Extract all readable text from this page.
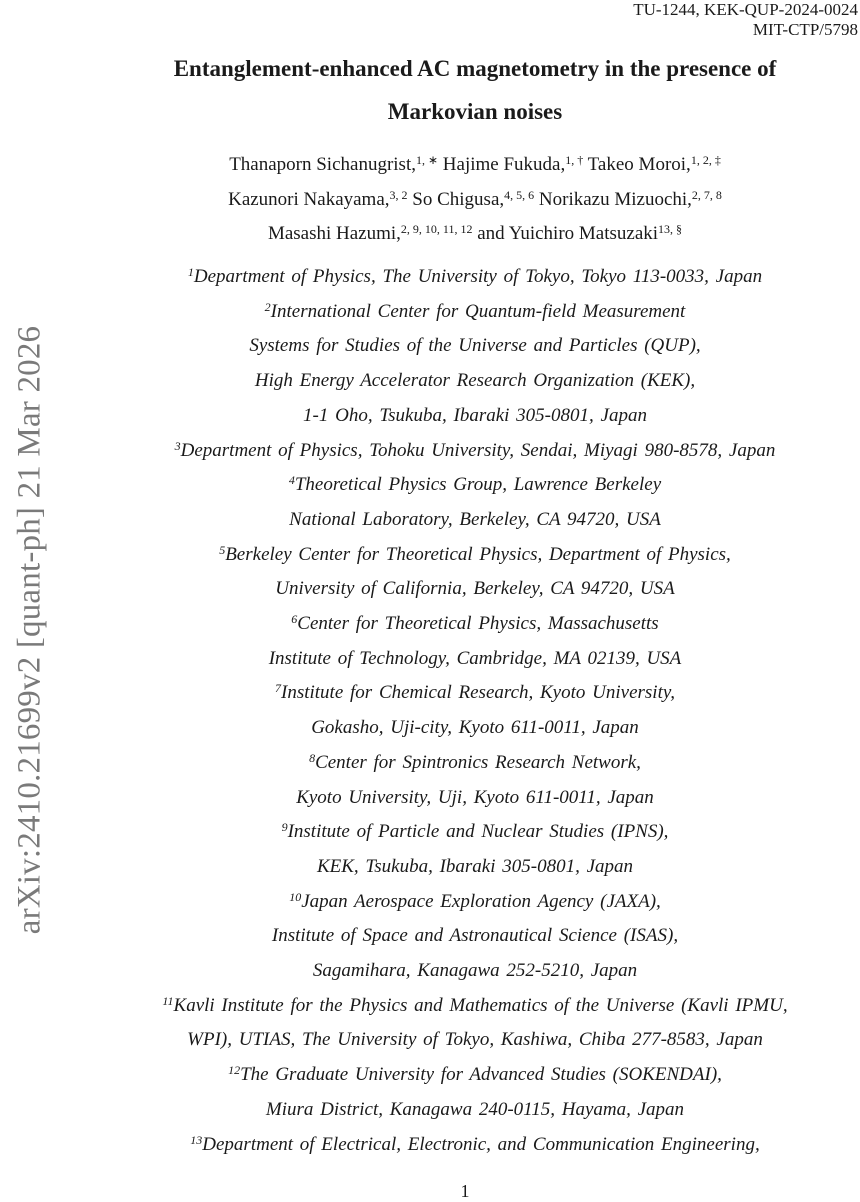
TU-1244, KEK-QUP-2024-0024
MIT-CTP/5798
arXiv:2410.21699v2 [quant-ph] 21 Mar 2026
Entanglement-enhanced AC magnetometry in the presence of
Markovian noises
Thanaporn Sichanugrist,$^{1, ∗}$ Hajime Fukuda,$^{1, \dagger}$ Takeo Moroi,$^{1, 2, \ddagger}$
Kazunori Nakayama,$^{3, 2}$ So Chigusa,$^{4, 5, 6}$ Norikazu Mizuochi,$^{2, 7, 8}$
Masashi Hazumi,$^{2, 9, 10, 11, 12}$ and Yuichiro Matsuzaki$^{13, \S}$
$^1$Department of Physics, The University of Tokyo, Tokyo 113-0033, Japan
$^2$International Center for Quantum-field Measurement
Systems for Studies of the Universe and Particles (QUP),
High Energy Accelerator Research Organization (KEK),
1-1 Oho, Tsukuba, Ibaraki 305-0801, Japan
$^3$Department of Physics, Tohoku University, Sendai, Miyagi 980-8578, Japan
$^4$Theoretical Physics Group, Lawrence Berkeley
National Laboratory, Berkeley, CA 94720, USA
$^5$Berkeley Center for Theoretical Physics, Department of Physics,
University of California, Berkeley, CA 94720, USA
$^6$Center for Theoretical Physics, Massachusetts
Institute of Technology, Cambridge, MA 02139, USA
$^7$Institute for Chemical Research, Kyoto University,
Gokasho, Uji-city, Kyoto 611-0011, Japan
$^8$Center for Spintronics Research Network,
Kyoto University, Uji, Kyoto 611-0011, Japan
$^9$Institute of Particle and Nuclear Studies (IPNS),
KEK, Tsukuba, Ibaraki 305-0801, Japan
$^{10}$Japan Aerospace Exploration Agency (JAXA),
Institute of Space and Astronautical Science (ISAS),
Sagamihara, Kanagawa 252-5210, Japan
$^{11}$Kavli Institute for the Physics and Mathematics of the Universe (Kavli IPMU,
WPI), UTIAS, The University of Tokyo, Kashiwa, Chiba 277-8583, Japan
$^{12}$The Graduate University for Advanced Studies (SOKENDAI),
Miura District, Kanagawa 240-0115, Hayama, Japan
$^{13}$Department of Electrical, Electronic, and Communication Engineering,
1
